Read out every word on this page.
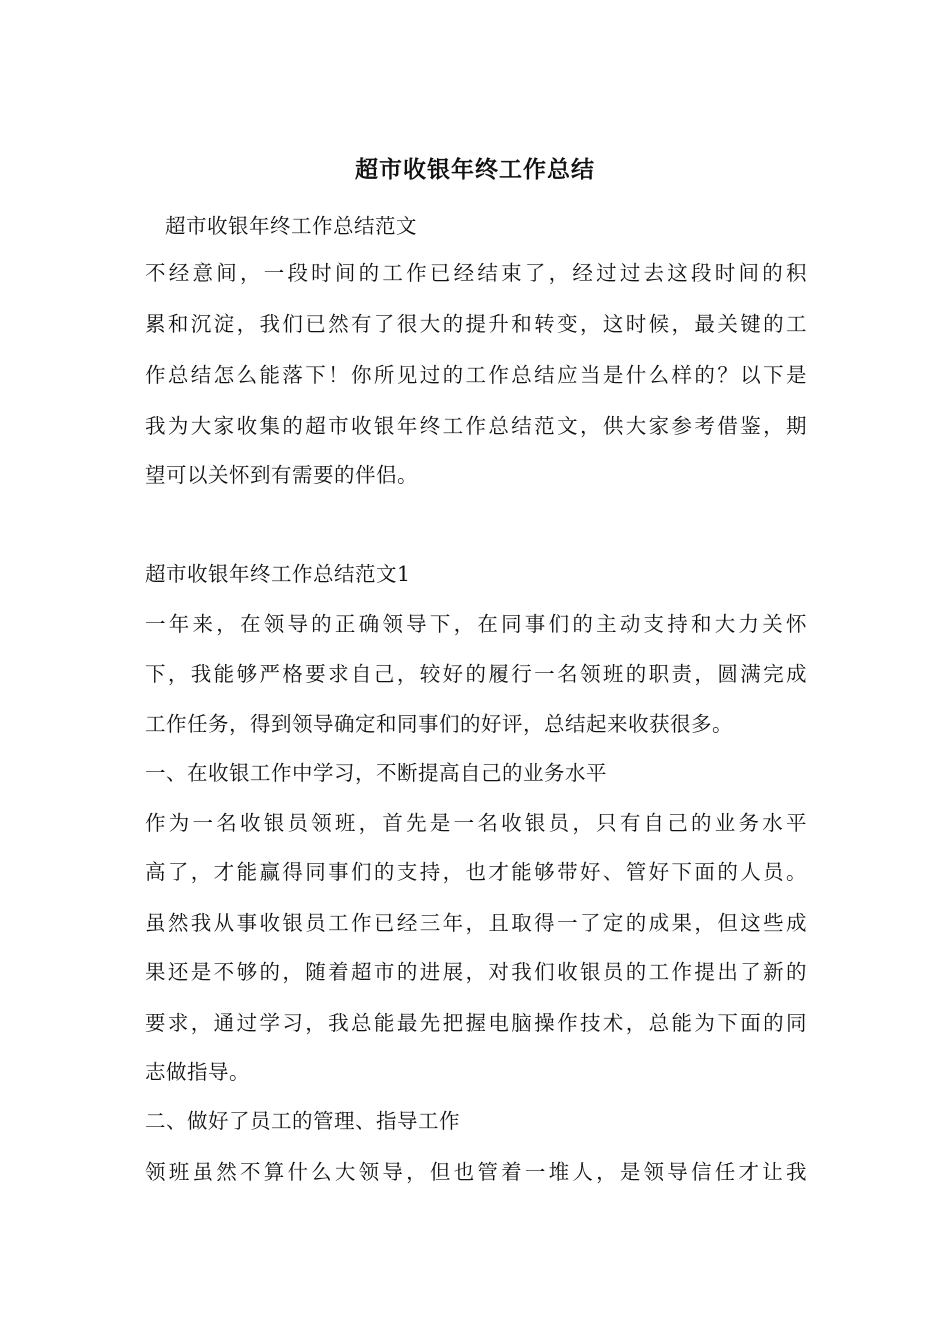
超市收银年终工作总结
超市收银年终工作总结范文
不经意间，一段时间的工作已经结束了，经过过去这段时间的积
累和沉淀，我们已然有了很大的提升和转变，这时候，最关键的工
作总结怎么能落下！你所见过的工作总结应当是什么样的？以下是
我为大家收集的超市收银年终工作总结范文，供大家参考借鉴，期
望可以关怀到有需要的伴侣。
超市收银年终工作总结范文1
一年来，在领导的正确领导下，在同事们的主动支持和大力关怀
下，我能够严格要求自己，较好的履行一名领班的职责，圆满完成
工作任务，得到领导确定和同事们的好评，总结起来收获很多。
一、在收银工作中学习，不断提高自己的业务水平
作为一名收银员领班，首先是一名收银员，只有自己的业务水平
高了，才能赢得同事们的支持，也才能够带好、管好下面的人员。
虽然我从事收银员工作已经三年，且取得一了定的成果，但这些成
果还是不够的，随着超市的进展，对我们收银员的工作提出了新的
要求，通过学习，我总能最先把握电脑操作技术，总能为下面的同
志做指导。
二、做好了员工的管理、指导工作
领班虽然不算什么大领导，但也管着一堆人，是领导信任才让我
